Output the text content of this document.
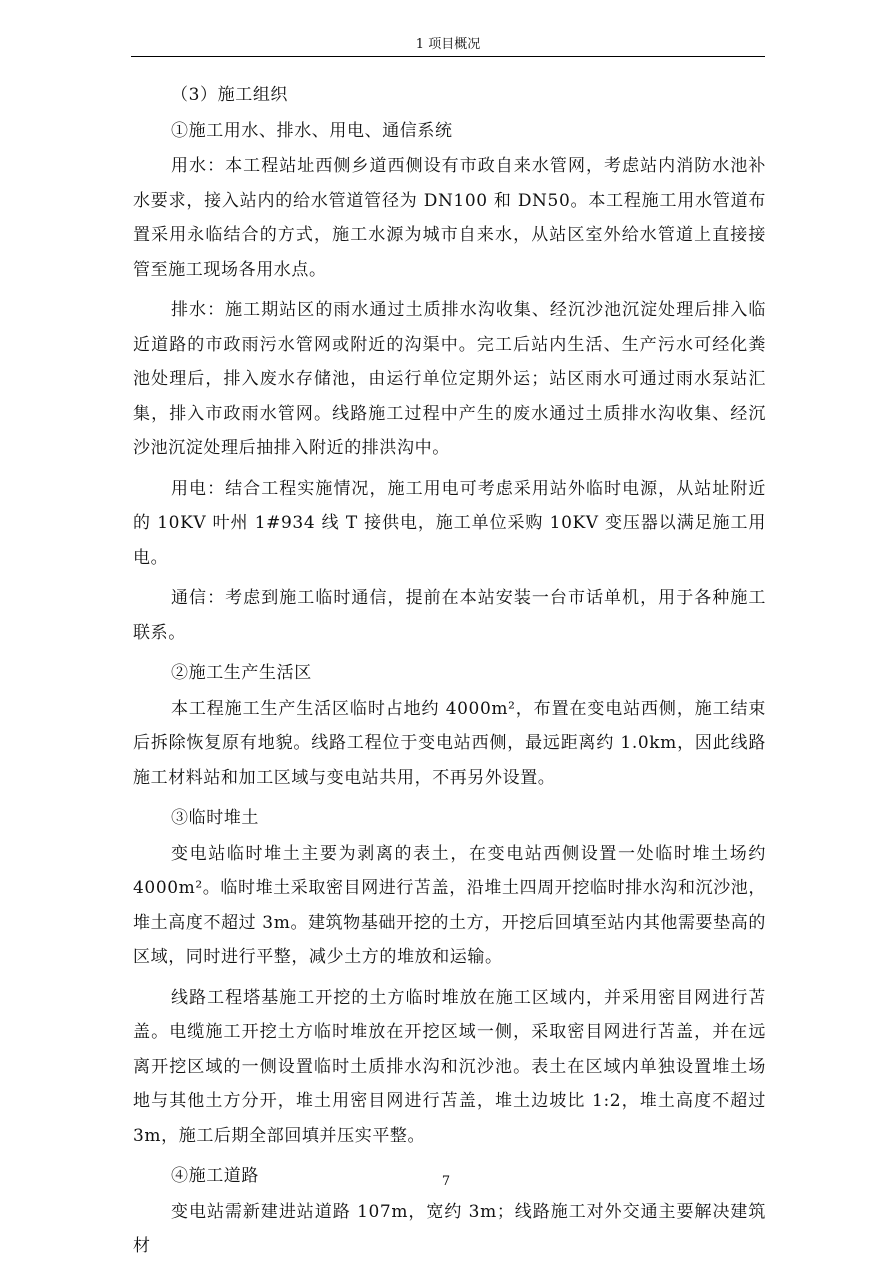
1 项目概况

（3）施工组织

①施工用水、排水、用电、通信系统

用水：本工程站址西侧乡道西侧设有市政自来水管网，考虑站内消防水池补水要求，接入站内的给水管道管径为 DN100 和 DN50。本工程施工用水管道布置采用永临结合的方式，施工水源为城市自来水，从站区室外给水管道上直接接管至施工现场各用水点。

排水：施工期站区的雨水通过土质排水沟收集、经沉沙池沉淀处理后排入临近道路的市政雨污水管网或附近的沟渠中。完工后站内生活、生产污水可经化粪池处理后，排入废水存储池，由运行单位定期外运；站区雨水可通过雨水泵站汇集，排入市政雨水管网。线路施工过程中产生的废水通过土质排水沟收集、经沉沙池沉淀处理后抽排入附近的排洪沟中。

用电：结合工程实施情况，施工用电可考虑采用站外临时电源，从站址附近的 10KV 叶州 1#934 线 T 接供电，施工单位采购 10KV 变压器以满足施工用电。

通信：考虑到施工临时通信，提前在本站安装一台市话单机，用于各种施工联系。

②施工生产生活区

本工程施工生产生活区临时占地约 4000m²，布置在变电站西侧，施工结束后拆除恢复原有地貌。线路工程位于变电站西侧，最远距离约 1.0km，因此线路施工材料站和加工区域与变电站共用，不再另外设置。

③临时堆土

变电站临时堆土主要为剥离的表土，在变电站西侧设置一处临时堆土场约 4000m²。临时堆土采取密目网进行苫盖，沿堆土四周开挖临时排水沟和沉沙池，堆土高度不超过 3m。建筑物基础开挖的土方，开挖后回填至站内其他需要垫高的区域，同时进行平整，减少土方的堆放和运输。

线路工程塔基施工开挖的土方临时堆放在施工区域内，并采用密目网进行苫盖。电缆施工开挖土方临时堆放在开挖区域一侧，采取密目网进行苫盖，并在远离开挖区域的一侧设置临时土质排水沟和沉沙池。表土在区域内单独设置堆土场地与其他土方分开，堆土用密目网进行苫盖，堆土边坡比 1:2，堆土高度不超过 3m，施工后期全部回填并压实平整。

④施工道路

变电站需新建进站道路 107m，宽约 3m；线路施工对外交通主要解决建筑材

7
